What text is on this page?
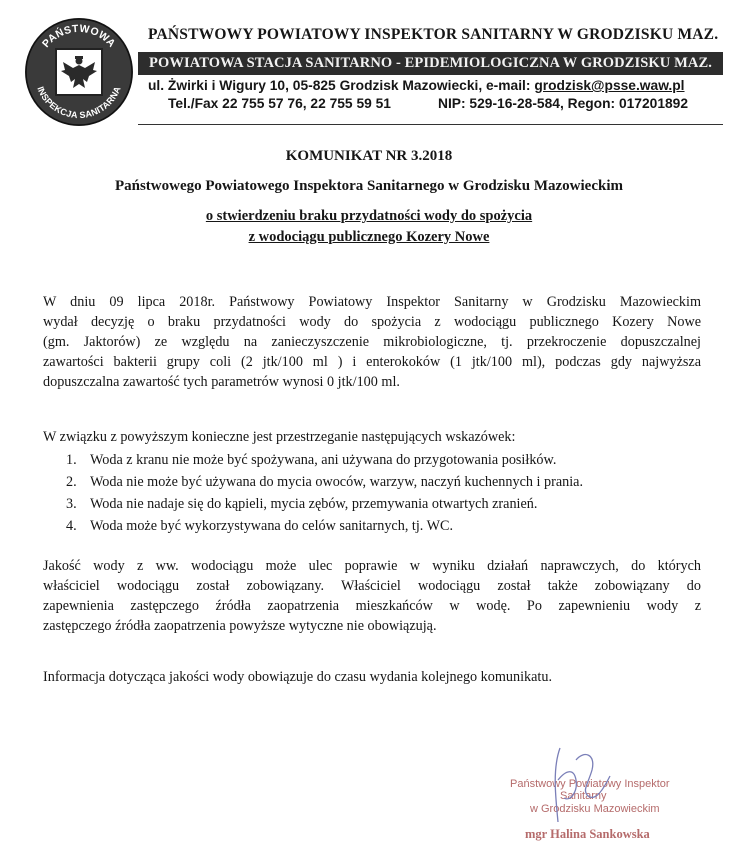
PAŃSTWOWA
INSPEKCJA SANITARNA
PAŃSTWOWY POWIATOWY INSPEKTOR SANITARNY W GRODZISKU MAZ.
POWIATOWA STACJA SANITARNO - EPIDEMIOLOGICZNA W GRODZISKU MAZ.
ul. Żwirki i Wigury 10, 05-825 Grodzisk Mazowiecki, e-mail: grodzisk@psse.waw.pl
Tel./Fax 22 755 57 76, 22 755 59 51	NIP: 529-16-28-584, Regon: 017201892
KOMUNIKAT NR 3.2018
Państwowego Powiatowego Inspektora Sanitarnego w Grodzisku Mazowieckim
o stwierdzeniu braku przydatności wody do spożycia
z wodociągu publicznego Kozery Nowe
W dniu 09 lipca 2018r. Państwowy Powiatowy Inspektor Sanitarny w Grodzisku Mazowieckim
wydał decyzję o braku przydatności wody do spożycia z wodociągu publicznego Kozery Nowe
(gm. Jaktorów) ze względu na zanieczyszczenie mikrobiologiczne, tj. przekroczenie dopuszczalnej
zawartości bakterii grupy coli (2 jtk/100 ml ) i enterokoków (1 jtk/100 ml), podczas gdy najwyższa
dopuszczalna zawartość tych parametrów wynosi 0 jtk/100 ml.
W związku z powyższym konieczne jest przestrzeganie następujących wskazówek:
1. Woda z kranu nie może być spożywana, ani używana do przygotowania posiłków.
2. Woda nie może być używana do mycia owoców, warzyw, naczyń kuchennych i prania.
3. Woda nie nadaje się do kąpieli, mycia zębów, przemywania otwartych zranień.
4. Woda może być wykorzystywana do celów sanitarnych, tj. WC.
Jakość wody z ww. wodociągu może ulec poprawie w wyniku działań naprawczych, do których
właściciel wodociągu został zobowiązany. Właściciel wodociągu został także zobowiązany do
zapewnienia zastępczego źródła zaopatrzenia mieszkańców w wodę. Po zapewnieniu wody z
zastępczego źródła zaopatrzenia powyższe wytyczne nie obowiązują.
Informacja dotycząca jakości wody obowiązuje do czasu wydania kolejnego komunikatu.
Państwowy Powiatowy Inspektor
Sanitarny
w Grodzisku Mazowieckim
mgr Halina Sankowska
